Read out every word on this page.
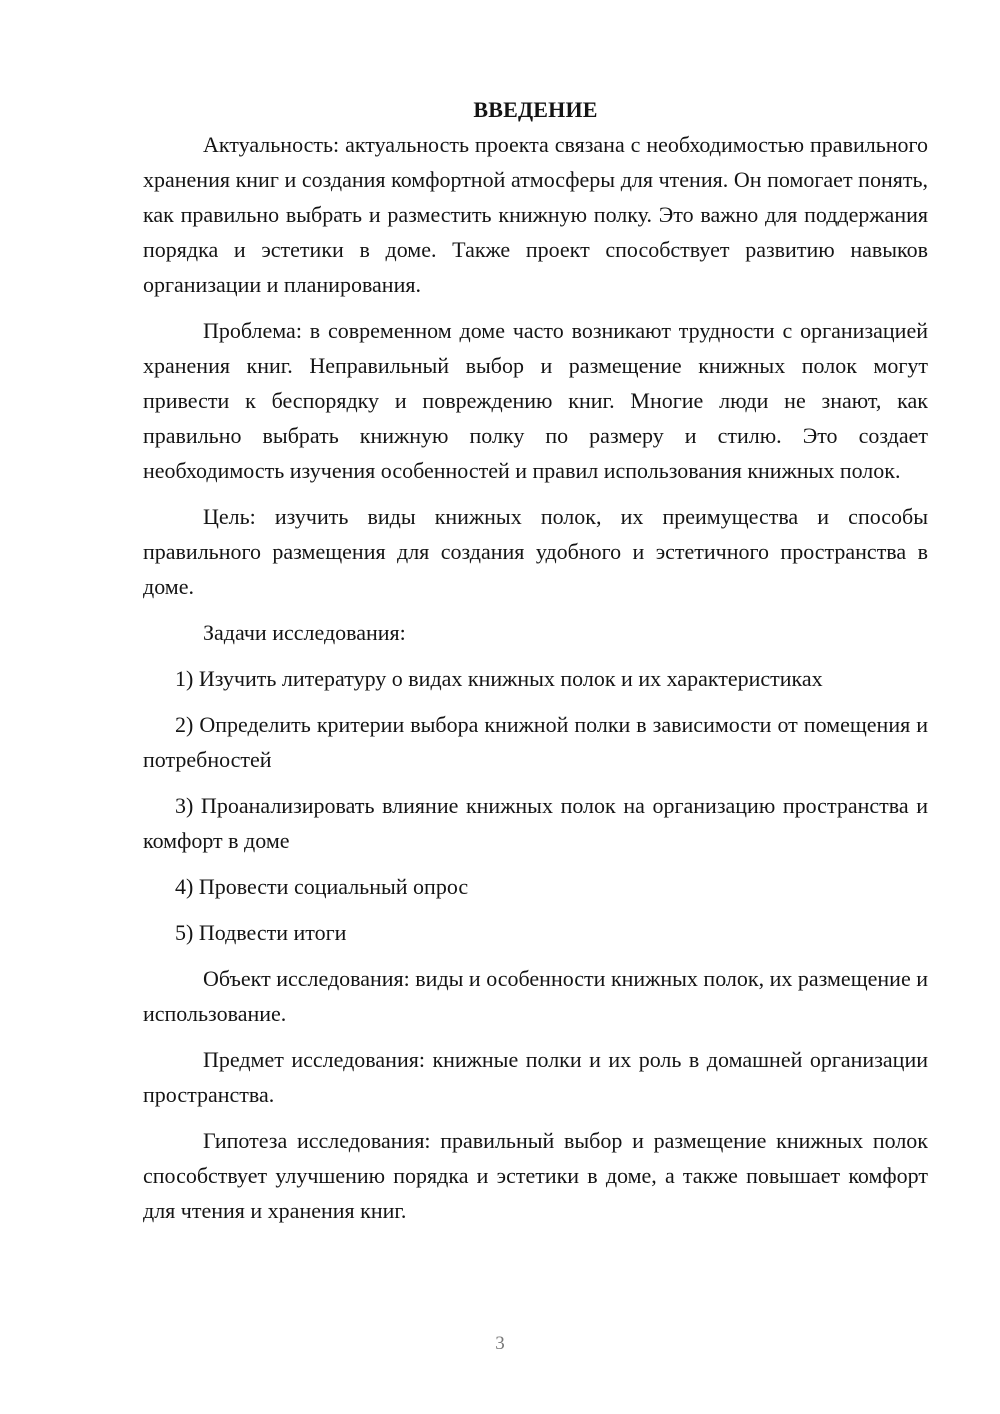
ВВЕДЕНИЕ

Актуальность: актуальность проекта связана с необходимостью правильного хранения книг и создания комфортной атмосферы для чтения. Он помогает понять, как правильно выбрать и разместить книжную полку. Это важно для поддержания порядка и эстетики в доме. Также проект способствует развитию навыков организации и планирования.

Проблема: в современном доме часто возникают трудности с организацией хранения книг. Неправильный выбор и размещение книжных полок могут привести к беспорядку и повреждению книг. Многие люди не знают, как правильно выбрать книжную полку по размеру и стилю. Это создает необходимость изучения особенностей и правил использования книжных полок.

Цель: изучить виды книжных полок, их преимущества и способы правильного размещения для создания удобного и эстетичного пространства в доме.

Задачи исследования:

1) Изучить литературу о видах книжных полок и их характеристиках

2) Определить критерии выбора книжной полки в зависимости от помещения и потребностей

3) Проанализировать влияние книжных полок на организацию пространства и комфорт в доме

4) Провести социальный опрос

5) Подвести итоги

Объект исследования: виды и особенности книжных полок, их размещение и использование.

Предмет исследования: книжные полки и их роль в домашней организации пространства.

Гипотеза исследования: правильный выбор и размещение книжных полок способствует улучшению порядка и эстетики в доме, а также повышает комфорт для чтения и хранения книг.

3
